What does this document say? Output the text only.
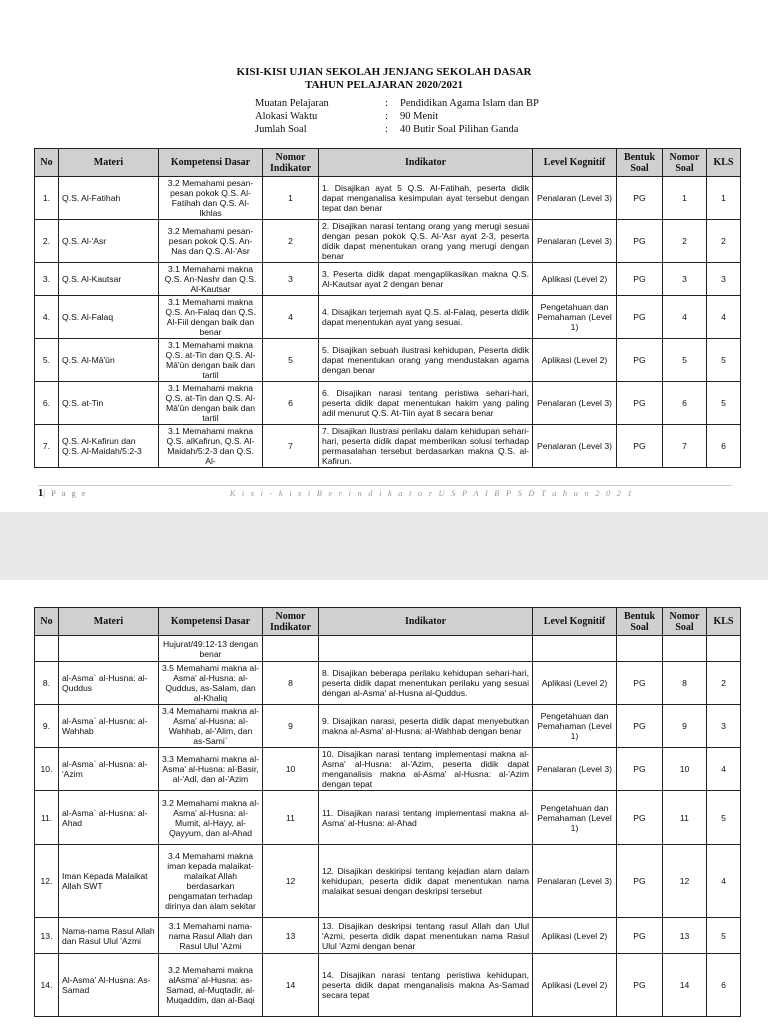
KISI-KISI UJIAN SEKOLAH JENJANG SEKOLAH DASAR
TAHUN PELAJARAN 2020/2021
Muatan Pelajaran	:	Pendidikan Agama Islam dan BP
Alokasi Waktu	:	90 Menit
Jumlah Soal	:	40 Butir Soal Pilihan Ganda
No	Materi	Kompetensi Dasar	Nomor Indikator	Indikator	Level Kognitif	Bentuk Soal	Nomor Soal	KLS
1.	Q.S. Al-Fatihah	3.2 Memahami pesan-pesan pokok Q.S. Al-Fatihah dan Q.S. Al-Ikhlas	1	1. Disajikan ayat 5 Q.S. Al-Fatihah, peserta didik dapat menganalisa kesimpulan ayat tersebut dengan tepat dan benar	Penalaran (Level 3)	PG	1	1
2.	Q.S. Al-'Asr	3.2 Memahami pesan-pesan pokok Q.S. An-Nas dan Q.S. Al-'Asr	2	2. Disajikan narasi tentang orang yang merugi sesuai dengan pesan pokok Q.S. Al-'Asr ayat 2-3, peserta didik dapat menentukan orang yang merugi dengan benar	Penalaran (Level 3)	PG	2	2
3.	Q.S. Al-Kautsar	3.1 Memahami makna Q.S. An-Nashr dan Q.S. Al-Kautsar	3	3. Peserta didik dapat mengaplikasikan makna Q.S. Al-Kautsar ayat 2 dengan benar	Aplikasi (Level 2)	PG	3	3
4.	Q.S. Al-Falaq	3.1 Memahami makna Q.S. An-Falaq dan Q.S. Al-Fiil dengan baik dan benar	4	4. Disajikan terjemah ayat Q.S. al-Falaq, peserta didik dapat menentukan ayat yang sesuai.	Pengetahuan dan Pemahaman (Level 1)	PG	4	4
5.	Q.S. Al-Mā'ūn	3.1 Memahami makna Q.S. at-Tin dan Q.S. Al-Mā'ūn dengan baik dan tartil	5	5. Disajikan sebuah ilustrasi kehidupan, Peserta didik dapat menentukan orang yang mendustakan agama dengan benar	Aplikasi (Level 2)	PG	5	5
6.	Q.S. at-Tin	3.1 Memahami makna Q.S. at-Tin dan Q.S. Al-Mā'ūn dengan baik dan tartil	6	6. Disajikan narasi tentang peristiwa sehari-hari, peserta didik dapat menentukan hakim yang paling adil menurut Q.S. At-Tiin ayat 8 secara benar	Penalaran (Level 3)	PG	6	5
7.	Q.S. Al-Kafirun dan Q.S. Al-Maidah/5:2-3	3.1 Memahami makna Q.S. alKafirun, Q.S. Al-Maidah/5:2-3 dan Q.S. Al-	7	7. Disajikan Ilustrasi perilaku dalam kehidupan sehari-hari, peserta didik dapat memberikan solusi terhadap permasalahan tersebut berdasarkan makna Q.S. al-Kafirun.	Penalaran (Level 3)	PG	7	6
1| P a g e	K i s i - k i s i B e r i n d i k a t o r U S P A I B P S D T a h u n 2 0 2 1
No	Materi	Kompetensi Dasar	Nomor Indikator	Indikator	Level Kognitif	Bentuk Soal	Nomor Soal	KLS
		Hujurat/49:12-13 dengan benar						
8.	al-Asma` al-Husna: al-Quddus	3.5 Memahami makna al-Asma' al-Husna: al-Quddus, as-Salam, dan al-Khaliq	8	8. Disajikan beberapa perilaku kehidupan sehari-hari, peserta didik dapat menentukan perilaku yang sesuai dengan al-Asma' al-Husna al-Quddus.	Aplikasi (Level 2)	PG	8	2
9.	al-Asma` al-Husna: al-Wahhab	3.4 Memahami makna al-Asma' al-Husna: al-Wahhab, al-'Alim, dan as-Sami`	9	9. Disajikan narasi, peserta didik dapat menyebutkan makna al-Asma' al-Husna: al-Wahhab dengan benar	Pengetahuan dan Pemahaman (Level 1)	PG	9	3
10.	al-Asma` al-Husna: al-'Azim	3.3 Memahami makna al-Asma' al-Husna: al-Basir, al-'Adl, dan al-'Azim	10	10. Disajikan narasi tentang implementasi makna al-Asma' al-Husna: al-'Azim, peserta didik dapat menganalisis makna al-Asma' al-Husna: al-'Azim dengan tepat	Penalaran (Level 3)	PG	10	4
11.	al-Asma` al-Husna: al-Ahad	3.2 Memahami makna al-Asma' al-Husna: al-Mumit, al-Hayy, al-Qayyum, dan al-Ahad	11	11. Disajikan narasi tentang implementasi makna al-Asma' al-Husna: al-Ahad	Pengetahuan dan Pemahaman (Level 1)	PG	11	5
12.	Iman Kepada Malaikat Allah SWT	3.4 Memahami makna iman kepada malaikat-malaikat Allah berdasarkan pengamatan terhadap dirinya dan alam sekitar	12	12. Disajikan deskiripsi tentang kejadian alam dalam kehidupan, peserta didik dapat menentukan nama malaikat sesuai dengan deskripsi tersebut	Penalaran (Level 3)	PG	12	4
13.	Nama-nama Rasul Allah dan Rasul Ulul 'Azmi	3.1 Memahami nama-nama Rasul Allah dan Rasul Ulul 'Azmi	13	13. Disajikan deskripsi tentang rasul Allah dan Ulul 'Azmi, peserta didik dapat menentukan nama Rasul Ulul 'Azmi dengan benar	Aplikasi (Level 2)	PG	13	5
14.	Al-Asma' Al-Husna: As-Samad	3.2 Memahami makna alAsma' al-Husna: as-Samad, al-Muqtadir, al-Muqaddim, dan al-Baqi	14	14. Disajikan narasi tentang peristiwa kehidupan, peserta didik dapat menganalisis makna As-Samad secara tepat	Aplikasi (Level 2)	PG	14	6
